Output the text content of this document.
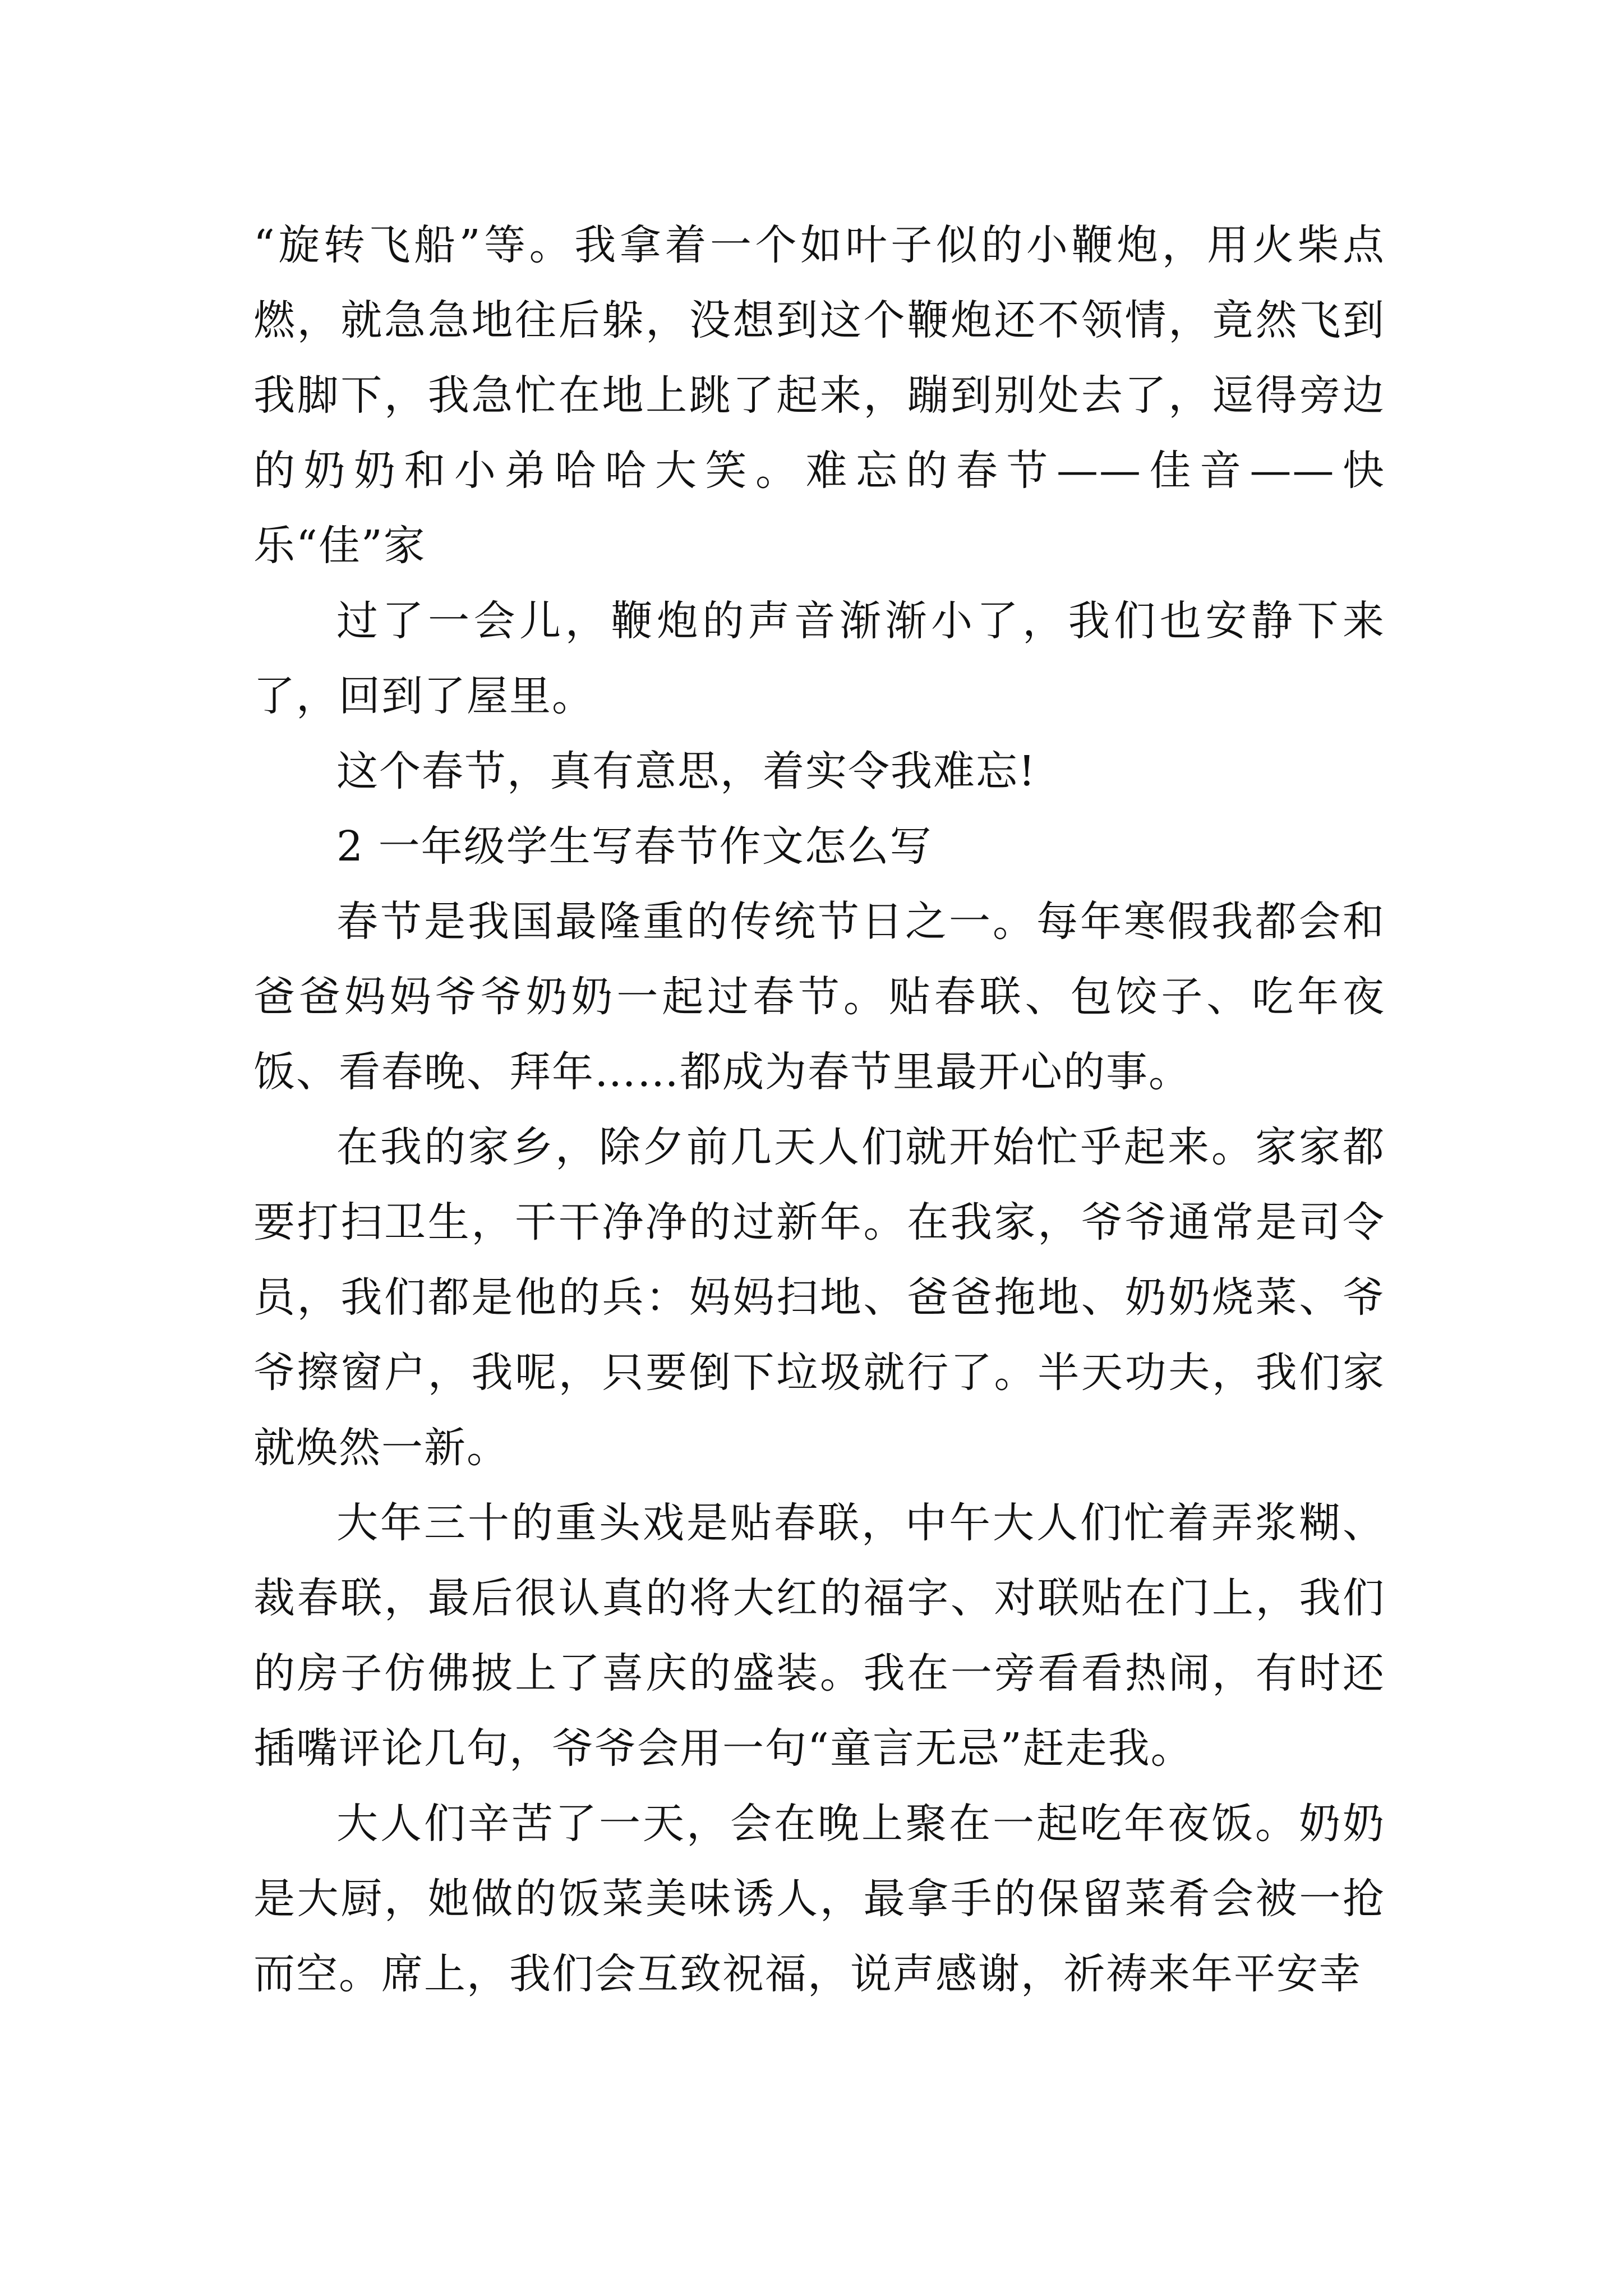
“旋转飞船”等。我拿着一个如叶子似的小鞭炮，用火柴点燃，就急急地往后躲，没想到这个鞭炮还不领情，竟然飞到我脚下，我急忙在地上跳了起来，蹦到别处去了，逗得旁边的奶奶和小弟哈哈大笑。难忘的春节——佳音——快乐“佳”家

过了一会儿，鞭炮的声音渐渐小了，我们也安静下来了，回到了屋里。

这个春节，真有意思，着实令我难忘!

2 一年级学生写春节作文怎么写

春节是我国最隆重的传统节日之一。每年寒假我都会和爸爸妈妈爷爷奶奶一起过春节。贴春联、包饺子、吃年夜饭、看春晚、拜年……都成为春节里最开心的事。

在我的家乡，除夕前几天人们就开始忙乎起来。家家都要打扫卫生，干干净净的过新年。在我家，爷爷通常是司令员，我们都是他的兵：妈妈扫地、爸爸拖地、奶奶烧菜、爷爷擦窗户，我呢，只要倒下垃圾就行了。半天功夫，我们家就焕然一新。

大年三十的重头戏是贴春联，中午大人们忙着弄浆糊、裁春联，最后很认真的将大红的福字、对联贴在门上，我们的房子仿佛披上了喜庆的盛装。我在一旁看看热闹，有时还插嘴评论几句，爷爷会用一句“童言无忌”赶走我。

大人们辛苦了一天，会在晚上聚在一起吃年夜饭。奶奶是大厨，她做的饭菜美味诱人，最拿手的保留菜肴会被一抢而空。席上，我们会互致祝福，说声感谢，祈祷来年平安幸
